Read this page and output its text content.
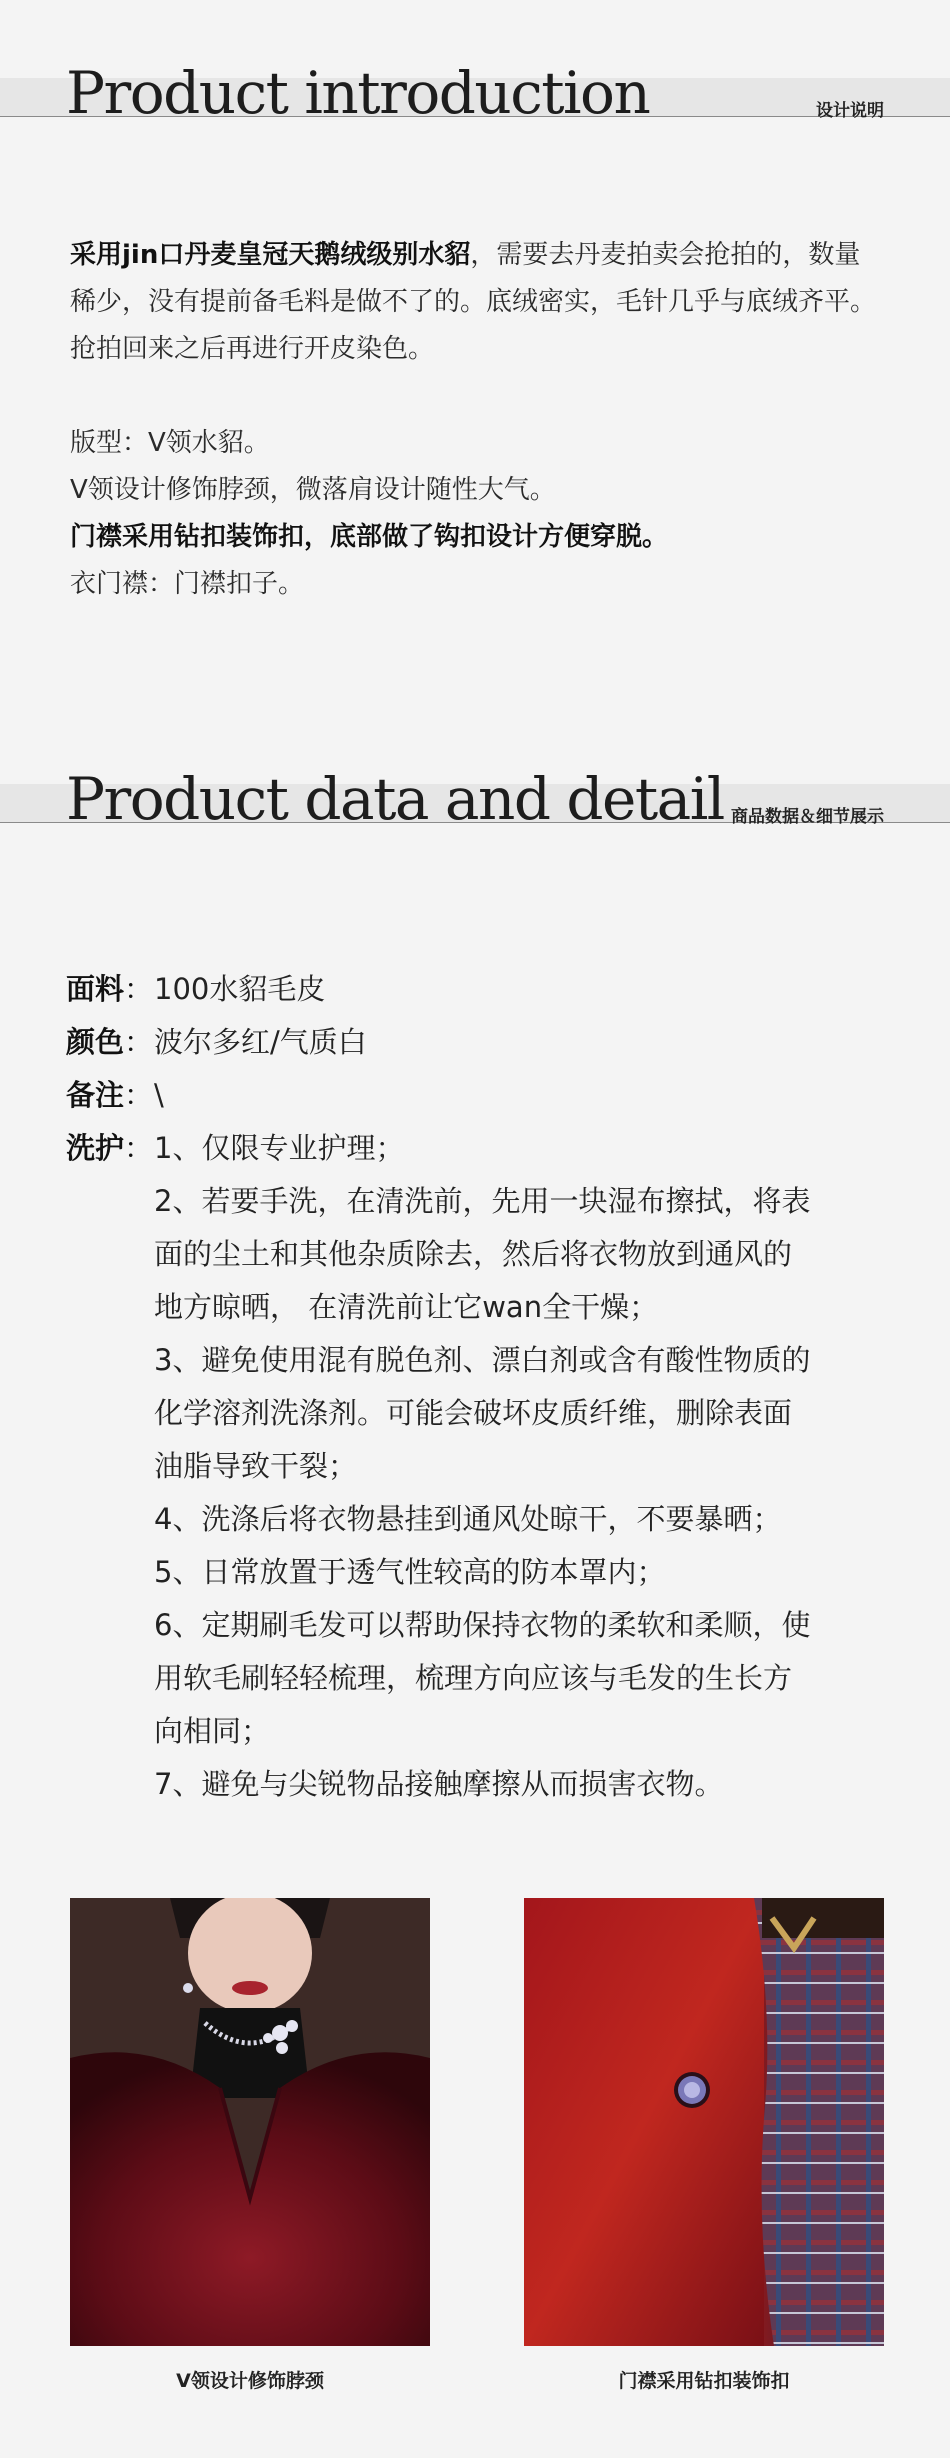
Product introduction	设计说明

采用jin口丹麦皇冠天鹅绒级别水貂，需要去丹麦拍卖会抢拍的，数量稀少，没有提前备毛料是做不了的。底绒密实，毛针几乎与底绒齐平。抢拍回来之后再进行开皮染色。

版型：V领水貂。

V领设计修饰脖颈，微落肩设计随性大气。

门襟采用钻扣装饰扣，底部做了钩扣设计方便穿脱。

衣门襟：门襟扣子。

Product data and detail 商品数据＆细节展示
面料： 100水貂毛皮
颜色： 波尔多红/气质白
备注： \
洗护： 1、仅限专业护理；
2、若要手洗，在清洗前，先用一块湿布擦拭，将表面的尘土和其他杂质除去，然后将衣物放到通风的地方晾晒， 在清洗前让它wan全干燥；
3、避免使用混有脱色剂、漂白剂或含有酸性物质的化学溶剂洗涤剂。可能会破坏皮质纤维，删除表面油脂导致干裂；
4、洗涤后将衣物悬挂到通风处晾干，不要暴晒；
5、日常放置于透气性较高的防本罩内；
6、定期刷毛发可以帮助保持衣物的柔软和柔顺，使用软毛刷轻轻梳理，梳理方向应该与毛发的生长方向相同；
7、避免与尖锐物品接触摩擦从而损害衣物。
V领设计修饰脖颈	门襟采用钻扣装饰扣
